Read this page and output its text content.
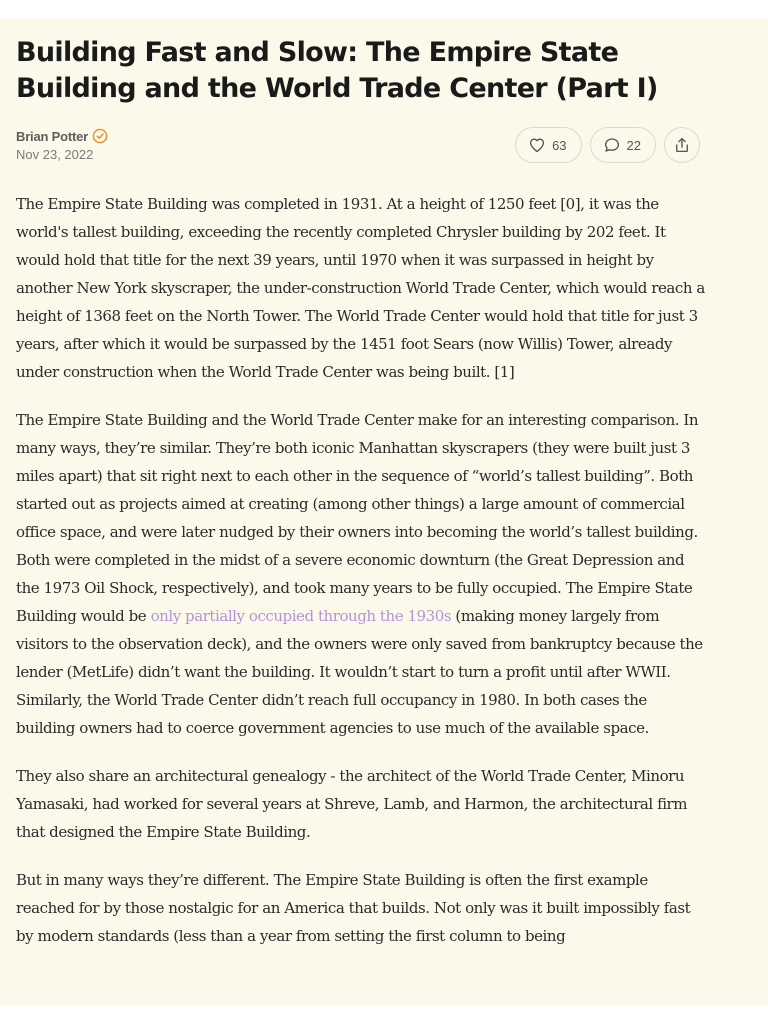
Building Fast and Slow: The Empire State Building and the World Trade Center (Part I)
Brian Potter
Nov 23, 2022
63	22

The Empire State Building was completed in 1931. At a height of 1250 feet [0], it was the world's tallest building, exceeding the recently completed Chrysler building by 202 feet. It would hold that title for the next 39 years, until 1970 when it was surpassed in height by another New York skyscraper, the under-construction World Trade Center, which would reach a height of 1368 feet on the North Tower. The World Trade Center would hold that title for just 3 years, after which it would be surpassed by the 1451 foot Sears (now Willis) Tower, already under construction when the World Trade Center was being built. [1]

The Empire State Building and the World Trade Center make for an interesting comparison. In many ways, they’re similar. They’re both iconic Manhattan skyscrapers (they were built just 3 miles apart) that sit right next to each other in the sequence of “world’s tallest building”. Both started out as projects aimed at creating (among other things) a large amount of commercial office space, and were later nudged by their owners into becoming the world’s tallest building. Both were completed in the midst of a severe economic downturn (the Great Depression and the 1973 Oil Shock, respectively), and took many years to be fully occupied. The Empire State Building would be only partially occupied through the 1930s (making money largely from visitors to the observation deck), and the owners were only saved from bankruptcy because the lender (MetLife) didn’t want the building. It wouldn’t start to turn a profit until after WWII. Similarly, the World Trade Center didn’t reach full occupancy in 1980. In both cases the building owners had to coerce government agencies to use much of the available space.

They also share an architectural genealogy - the architect of the World Trade Center, Minoru Yamasaki, had worked for several years at Shreve, Lamb, and Harmon, the architectural firm that designed the Empire State Building.

But in many ways they’re different. The Empire State Building is often the first example reached for by those nostalgic for an America that builds. Not only was it built impossibly fast by modern standards (less than a year from setting the first column to being
